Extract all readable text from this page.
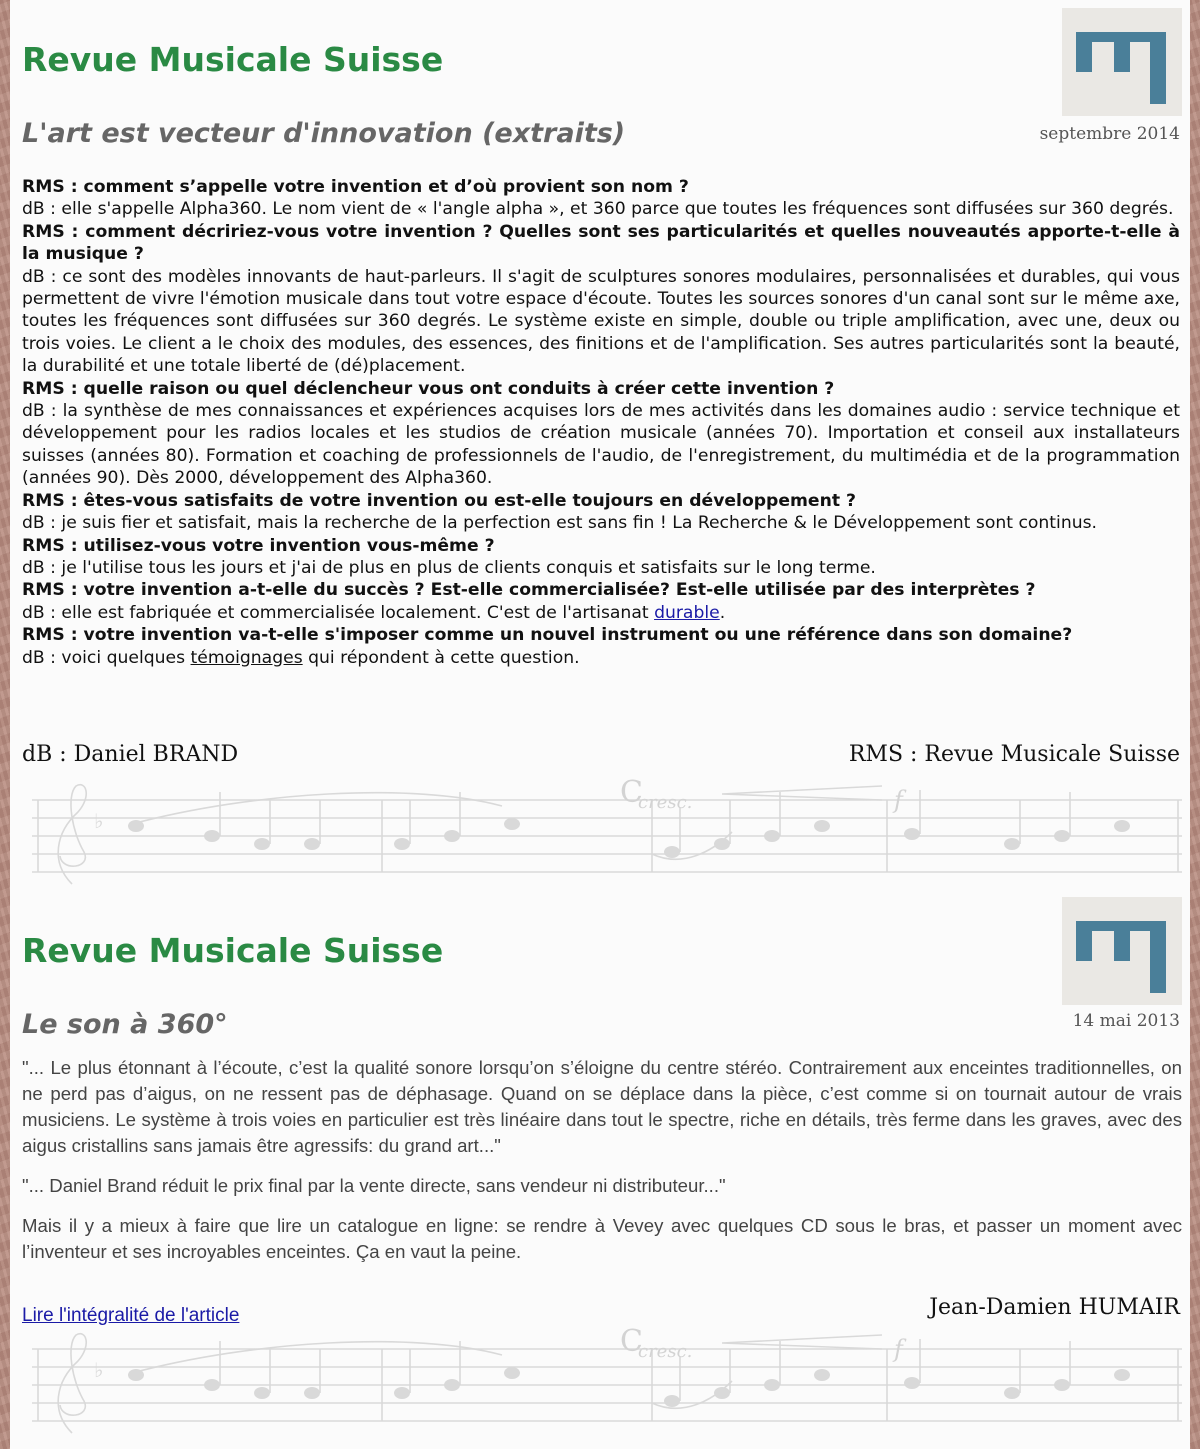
Revue Musicale Suisse
L'art est vecteur d'innovation (extraits)	septembre 2014
RMS : comment s’appelle votre invention et d’où provient son nom ?
dB : elle s'appelle Alpha360. Le nom vient de « l'angle alpha », et 360 parce que toutes les fréquences sont diffusées sur 360 degrés.
RMS : comment décririez-vous votre invention ? Quelles sont ses particularités et quelles nouveautés apporte-t-elle à la musique ?
dB : ce sont des modèles innovants de haut-parleurs. Il s'agit de sculptures sonores modulaires, personnalisées et durables, qui vous permettent de vivre l'émotion musicale dans tout votre espace d'écoute. Toutes les sources sonores d'un canal sont sur le même axe, toutes les fréquences sont diffusées sur 360 degrés. Le système existe en simple, double ou triple amplification, avec une, deux ou trois voies. Le client a le choix des modules, des essences, des finitions et de l'amplification. Ses autres particularités sont la beauté, la durabilité et une totale liberté de (dé)placement.
RMS : quelle raison ou quel déclencheur vous ont conduits à créer cette invention ?
dB : la synthèse de mes connaissances et expériences acquises lors de mes activités dans les domaines audio : service technique et développement pour les radios locales et les studios de création musicale (années 70). Importation et conseil aux installateurs suisses (années 80). Formation et coaching de professionnels de l'audio, de l'enregistrement, du multimédia et de la programmation (années 90). Dès 2000, développement des Alpha360.
RMS : êtes-vous satisfaits de votre invention ou est-elle toujours en développement ?
dB : je suis fier et satisfait, mais la recherche de la perfection est sans fin ! La Recherche & le Développement sont continus.
RMS : utilisez-vous votre invention vous-même ?
dB : je l'utilise tous les jours et j'ai de plus en plus de clients conquis et satisfaits sur le long terme.
RMS : votre invention a-t-elle du succès ? Est-elle commercialisée? Est-elle utilisée par des interprètes ?
dB : elle est fabriquée et commercialisée localement. C'est de l'artisanat durable.
RMS : votre invention va-t-elle s'imposer comme un nouvel instrument ou une référence dans son domaine?
dB : voici quelques témoignages qui répondent à cette question.
dB : Daniel BRAND	RMS : Revue Musicale Suisse
C
cresc.	f
♭
Revue Musicale Suisse
Le son à 360°	14 mai 2013

"... Le plus étonnant à l’écoute, c’est la qualité sonore lorsqu’on s’éloigne du centre stéréo. Contrairement aux enceintes traditionnelles, on ne perd pas d’aigus, on ne ressent pas de déphasage. Quand on se déplace dans la pièce, c’est comme si on tournait autour de vrais musiciens. Le système à trois voies en particulier est très linéaire dans tout le spectre, riche en détails, très ferme dans les graves, avec des aigus cristallins sans jamais être agressifs: du grand art..."

"... Daniel Brand réduit le prix final par la vente directe, sans vendeur ni distributeur..."

Mais il y a mieux à faire que lire un catalogue en ligne: se rendre à Vevey avec quelques CD sous le bras, et passer un moment avec l’inventeur et ses incroyables enceintes. Ça en vaut la peine.

Lire l'intégralité de l'article	Jean-Damien HUMAIR
C
cresc.	f
♭
